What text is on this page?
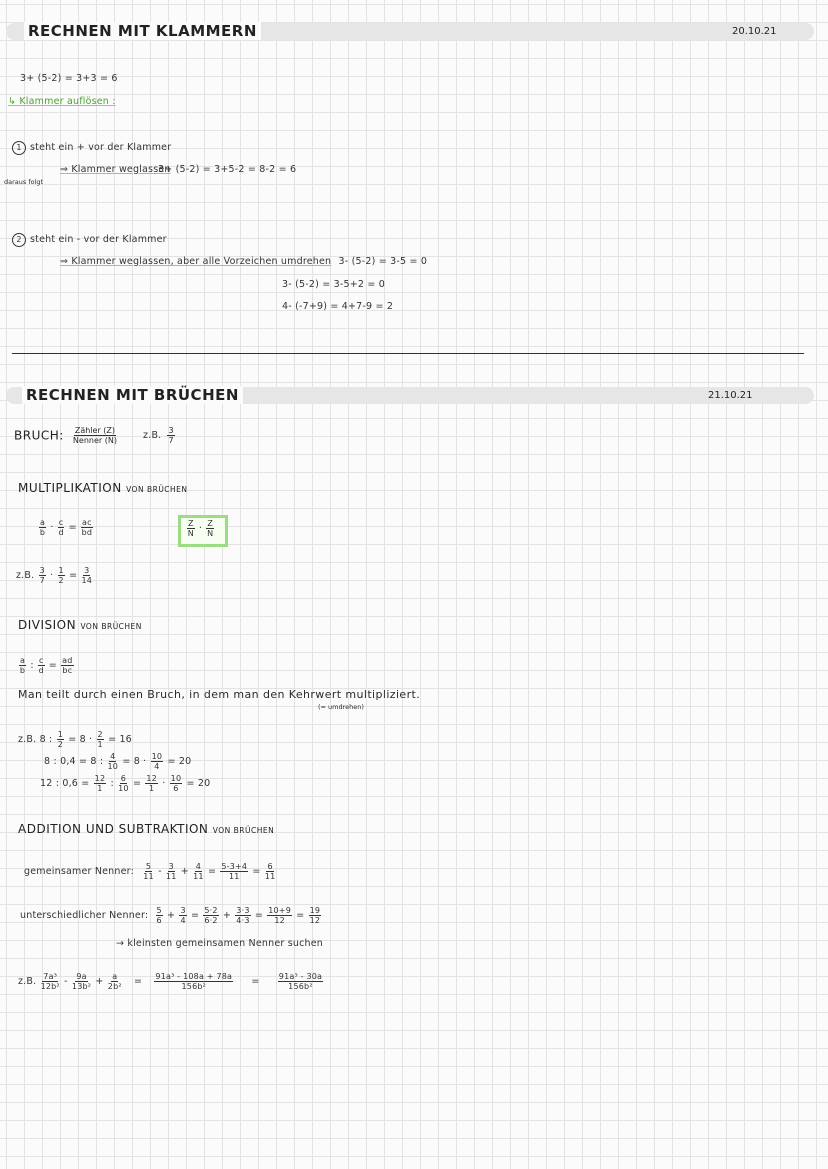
RECHNEN MIT KLAMMERN	20.10.21
3+ (5-2) = 3+3 = 6
↳ Klammer auflösen :
1 steht ein + vor der Klammer
⇒ Klammer weglassen
3+ (5-2) = 3+5-2 = 8-2 = 6
daraus folgt
2 steht ein - vor der Klammer
⇒ Klammer weglassen, aber alle Vorzeichen umdrehen 3- (5-2) = 3-5 = 0
3- (5-2) = 3-5+2 = 0
4- (-7+9) = 4+7-9 = 2
RECHNEN MIT BRÜCHEN	21.10.21
BRUCH: $\frac{\text{Zähler (Z)}}{\text{Nenner (N)}}$	z.B. $\frac{3}{7}$
MULTIPLIKATION VON BRÜCHEN
$\frac{a}{b} \cdot \frac{c}{d} = \frac{ac}{bd}$	$\frac{Z}{N} \cdot \frac{Z}{N}$
z.B. $\frac{3}{7} \cdot \frac{1}{2} = \frac{3}{14}$
DIVISION VON BRÜCHEN
$\frac{a}{b}$ : $\frac{c}{d} = \frac{ad}{bc}$
Man teilt durch einen Bruch, in dem man den Kehrwert multipliziert.
(= umdrehen)
z.B. 8 : $\frac{1}{2} = 8 \cdot \frac{2}{1} = 16$
8 : 0,4 = 8 : $\frac{4}{10} = 8 \cdot \frac{10}{4} = 20$
12 : $0,6 = \frac{12}{1}$ : $\frac{6}{10} = \frac{12}{1} \cdot \frac{10}{6} = 20$
ADDITION UND SUBTRAKTION VON BRÜCHEN
gemeinsamer Nenner: $\frac{5}{11} - \frac{3}{11} + \frac{4}{11} = \frac{5-3+4}{11} = \frac{6}{11}$
unterschiedlicher Nenner: $\frac{5}{6} + \frac{3}{4} = \frac{5\cdot 2}{6\cdot 2} + \frac{3\cdot 3}{4\cdot 3} = \frac{10+9}{12} = \frac{19}{12}$
→ kleinsten gemeinsamen Nenner suchen
z.B. $\frac{\text{7a³}}{\text{12b²}} - \frac{9a}{\text{13b²}} + \frac{a}{\text{2b²}} = \frac{\text{91a³ - 108a + 78a}}{\text{156b²}} = \frac{\text{91a³ - 30a}}{\text{156b²}}$
